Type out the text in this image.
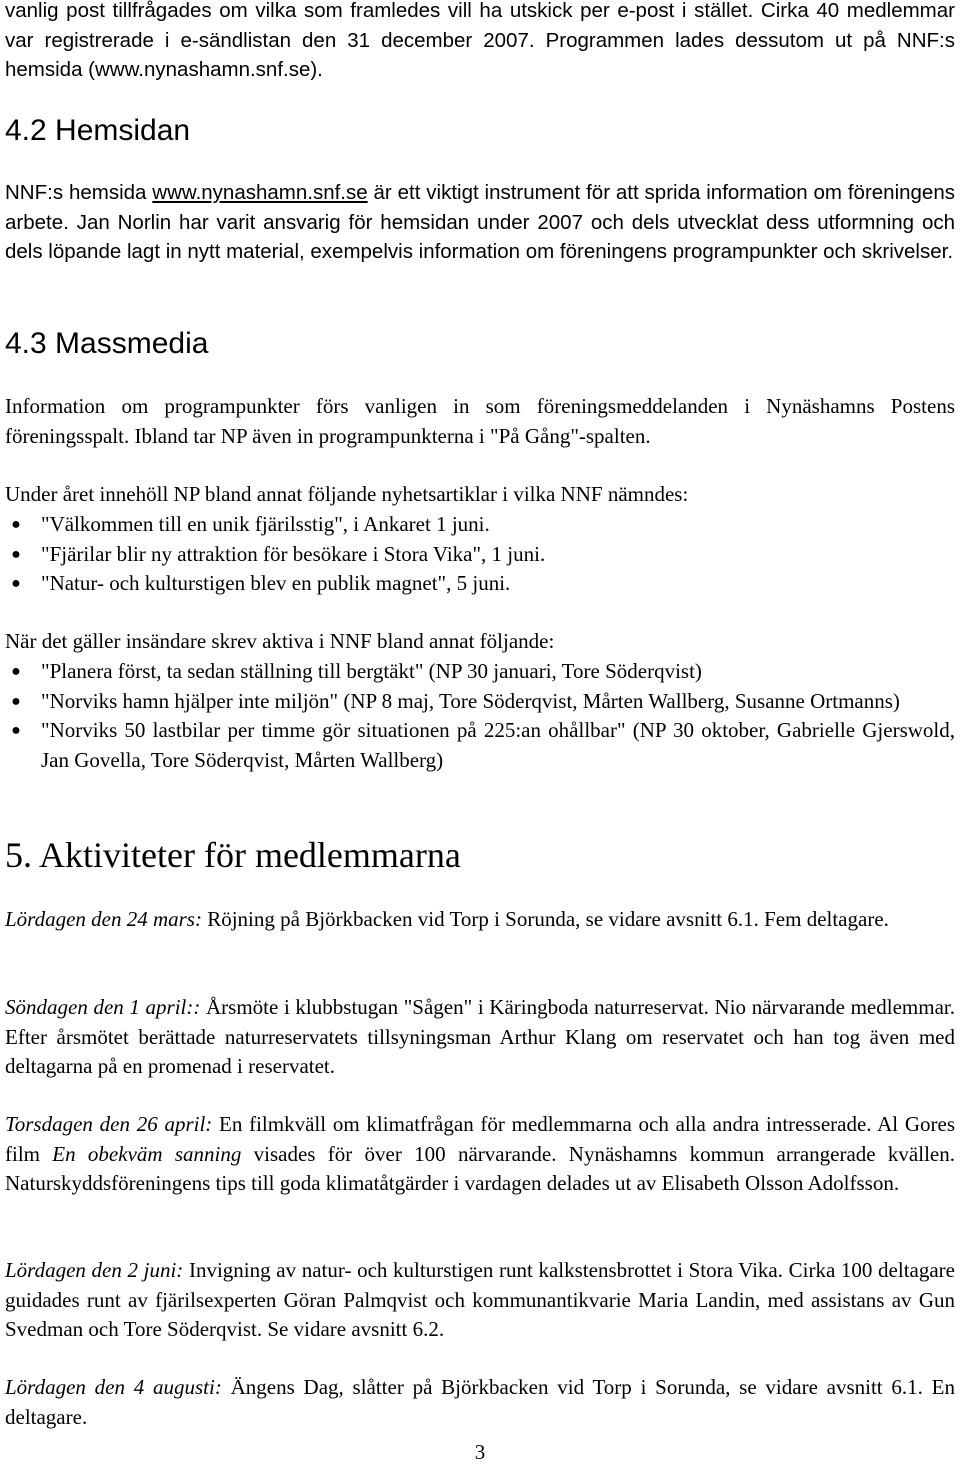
vanlig post tillfrågades om vilka som framledes vill ha utskick per e-post i stället. Cirka 40 medlemmar var registrerade i e-sändlistan den 31 december 2007. Programmen lades dessutom ut på NNF:s hemsida (www.nynashamn.snf.se).

4.2 Hemsidan

NNF:s hemsida www.nynashamn.snf.se är ett viktigt instrument för att sprida information om föreningens arbete. Jan Norlin har varit ansvarig för hemsidan under 2007 och dels utvecklat dess utformning och dels löpande lagt in nytt material, exempelvis information om föreningens programpunkter och skrivelser.

4.3 Massmedia

Information om programpunkter förs vanligen in som föreningsmeddelanden i Nynäshamns Postens föreningsspalt. Ibland tar NP även in programpunkterna i "På Gång"-spalten.

Under året innehöll NP bland annat följande nyhetsartiklar i vilka NNF nämndes:

● "Välkommen till en unik fjärilsstig", i Ankaret 1 juni.
● "Fjärilar blir ny attraktion för besökare i Stora Vika", 1 juni.
● "Natur- och kulturstigen blev en publik magnet", 5 juni.

När det gäller insändare skrev aktiva i NNF bland annat följande:

● "Planera först, ta sedan ställning till bergtäkt" (NP 30 januari, Tore Söderqvist)
● "Norviks hamn hjälper inte miljön" (NP 8 maj, Tore Söderqvist, Mårten Wallberg, Susanne Ortmanns)
● "Norviks 50 lastbilar per timme gör situationen på 225:an ohållbar" (NP 30 oktober, Gabrielle Gjerswold, Jan Govella, Tore Söderqvist, Mårten Wallberg)
5. Aktiviteter för medlemmarna

Lördagen den 24 mars: Röjning på Björkbacken vid Torp i Sorunda, se vidare avsnitt 6.1. Fem deltagare.

Söndagen den 1 april:: Årsmöte i klubbstugan "Sågen" i Käringboda naturreservat. Nio närvarande medlemmar. Efter årsmötet berättade naturreservatets tillsyningsman Arthur Klang om reservatet och han tog även med deltagarna på en promenad i reservatet.

Torsdagen den 26 april: En filmkväll om klimatfrågan för medlemmarna och alla andra intresserade. Al Gores film En obekväm sanning visades för över 100 närvarande. Nynäshamns kommun arrangerade kvällen. Naturskyddsföreningens tips till goda klimatåtgärder i vardagen delades ut av Elisabeth Olsson Adolfsson.

Lördagen den 2 juni: Invigning av natur- och kulturstigen runt kalkstensbrottet i Stora Vika. Cirka 100 deltagare guidades runt av fjärilsexperten Göran Palmqvist och kommunantikvarie Maria Landin, med assistans av Gun Svedman och Tore Söderqvist. Se vidare avsnitt 6.2.

Lördagen den 4 augusti: Ängens Dag, slåtter på Björkbacken vid Torp i Sorunda, se vidare avsnitt 6.1. En deltagare.

3
